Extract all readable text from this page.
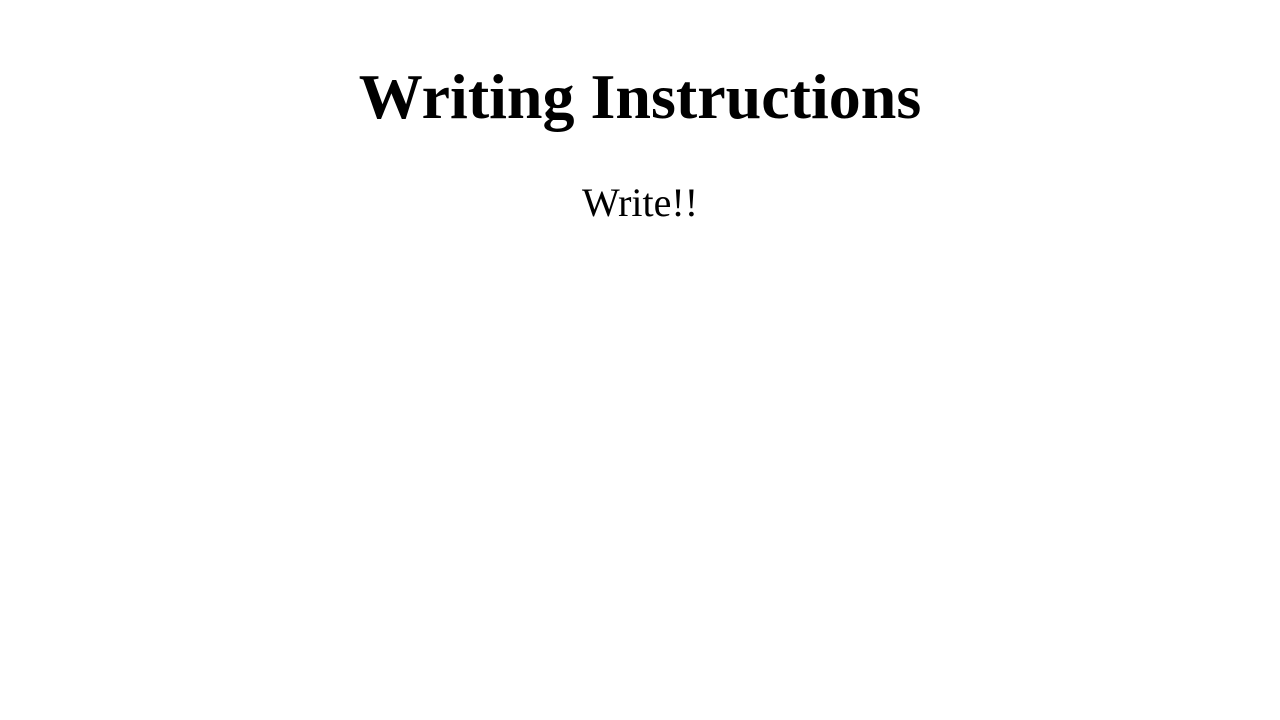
Writing Instructions

Write!!
